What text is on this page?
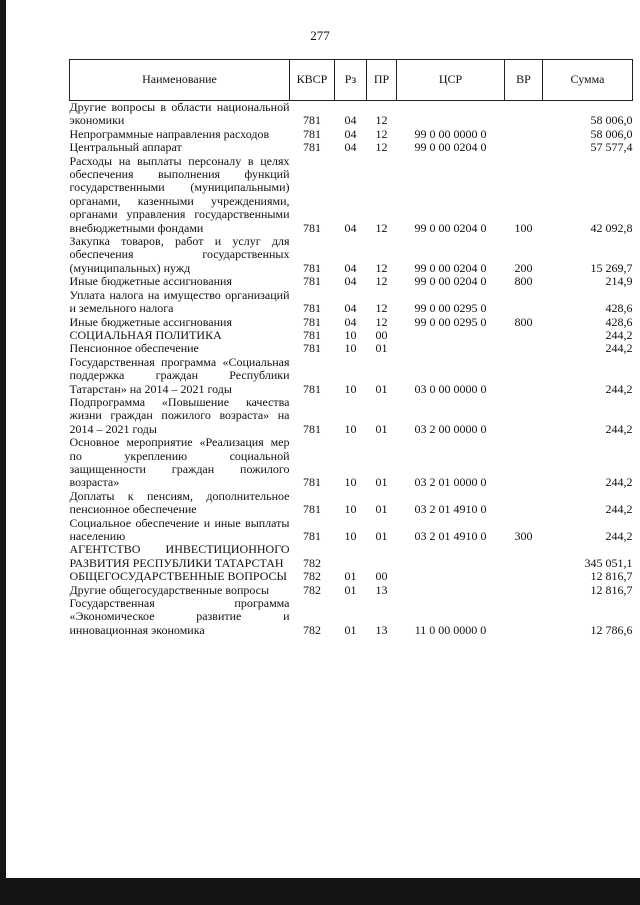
277
Наименование	КВСР	Рз	ПР	ЦСР	ВР	Сумма
Другие вопросы в области национальной экономики	781	04	12			58 006,0
Непрограммные направления расходов	781	04	12	99 0 00 0000 0		58 006,0
Центральный аппарат	781	04	12	99 0 00 0204 0		57 577,4
Расходы на выплаты персоналу в целях обеспечения выполнения функций государственными (муниципальными) органами, казенными учреждениями, органами управления государственными внебюджетными фондами	781	04	12	99 0 00 0204 0	100	42 092,8
Закупка товаров, работ и услуг для обеспечения государственных (муниципальных) нужд	781	04	12	99 0 00 0204 0	200	15 269,7
Иные бюджетные ассигнования	781	04	12	99 0 00 0204 0	800	214,9
Уплата налога на имущество организаций и земельного налога	781	04	12	99 0 00 0295 0		428,6
Иные бюджетные ассигнования	781	04	12	99 0 00 0295 0	800	428,6
СОЦИАЛЬНАЯ ПОЛИТИКА	781	10	00			244,2
Пенсионное обеспечение	781	10	01			244,2
Государственная программа «Социальная поддержка граждан Республики Татарстан» на 2014 – 2021 годы	781	10	01	03 0 00 0000 0		244,2
Подпрограмма «Повышение качества жизни граждан пожилого возраста» на 2014 – 2021 годы	781	10	01	03 2 00 0000 0		244,2
Основное мероприятие «Реализация мер по укреплению социальной защищенности граждан пожилого возраста»	781	10	01	03 2 01 0000 0		244,2
Доплаты к пенсиям, дополнительное пенсионное обеспечение	781	10	01	03 2 01 4910 0		244,2
Социальное обеспечение и иные выплаты населению	781	10	01	03 2 01 4910 0	300	244,2
АГЕНТСТВО ИНВЕСТИЦИОННОГО РАЗВИТИЯ РЕСПУБЛИКИ ТАТАРСТАН	782					345 051,1
ОБЩЕГОСУДАРСТВЕННЫЕ ВОПРОСЫ	782	01	00			12 816,7
Другие общегосударственные вопросы	782	01	13			12 816,7
Государственная программа «Экономическое развитие и инновационная экономика	782	01	13	11 0 00 0000 0		12 786,6
